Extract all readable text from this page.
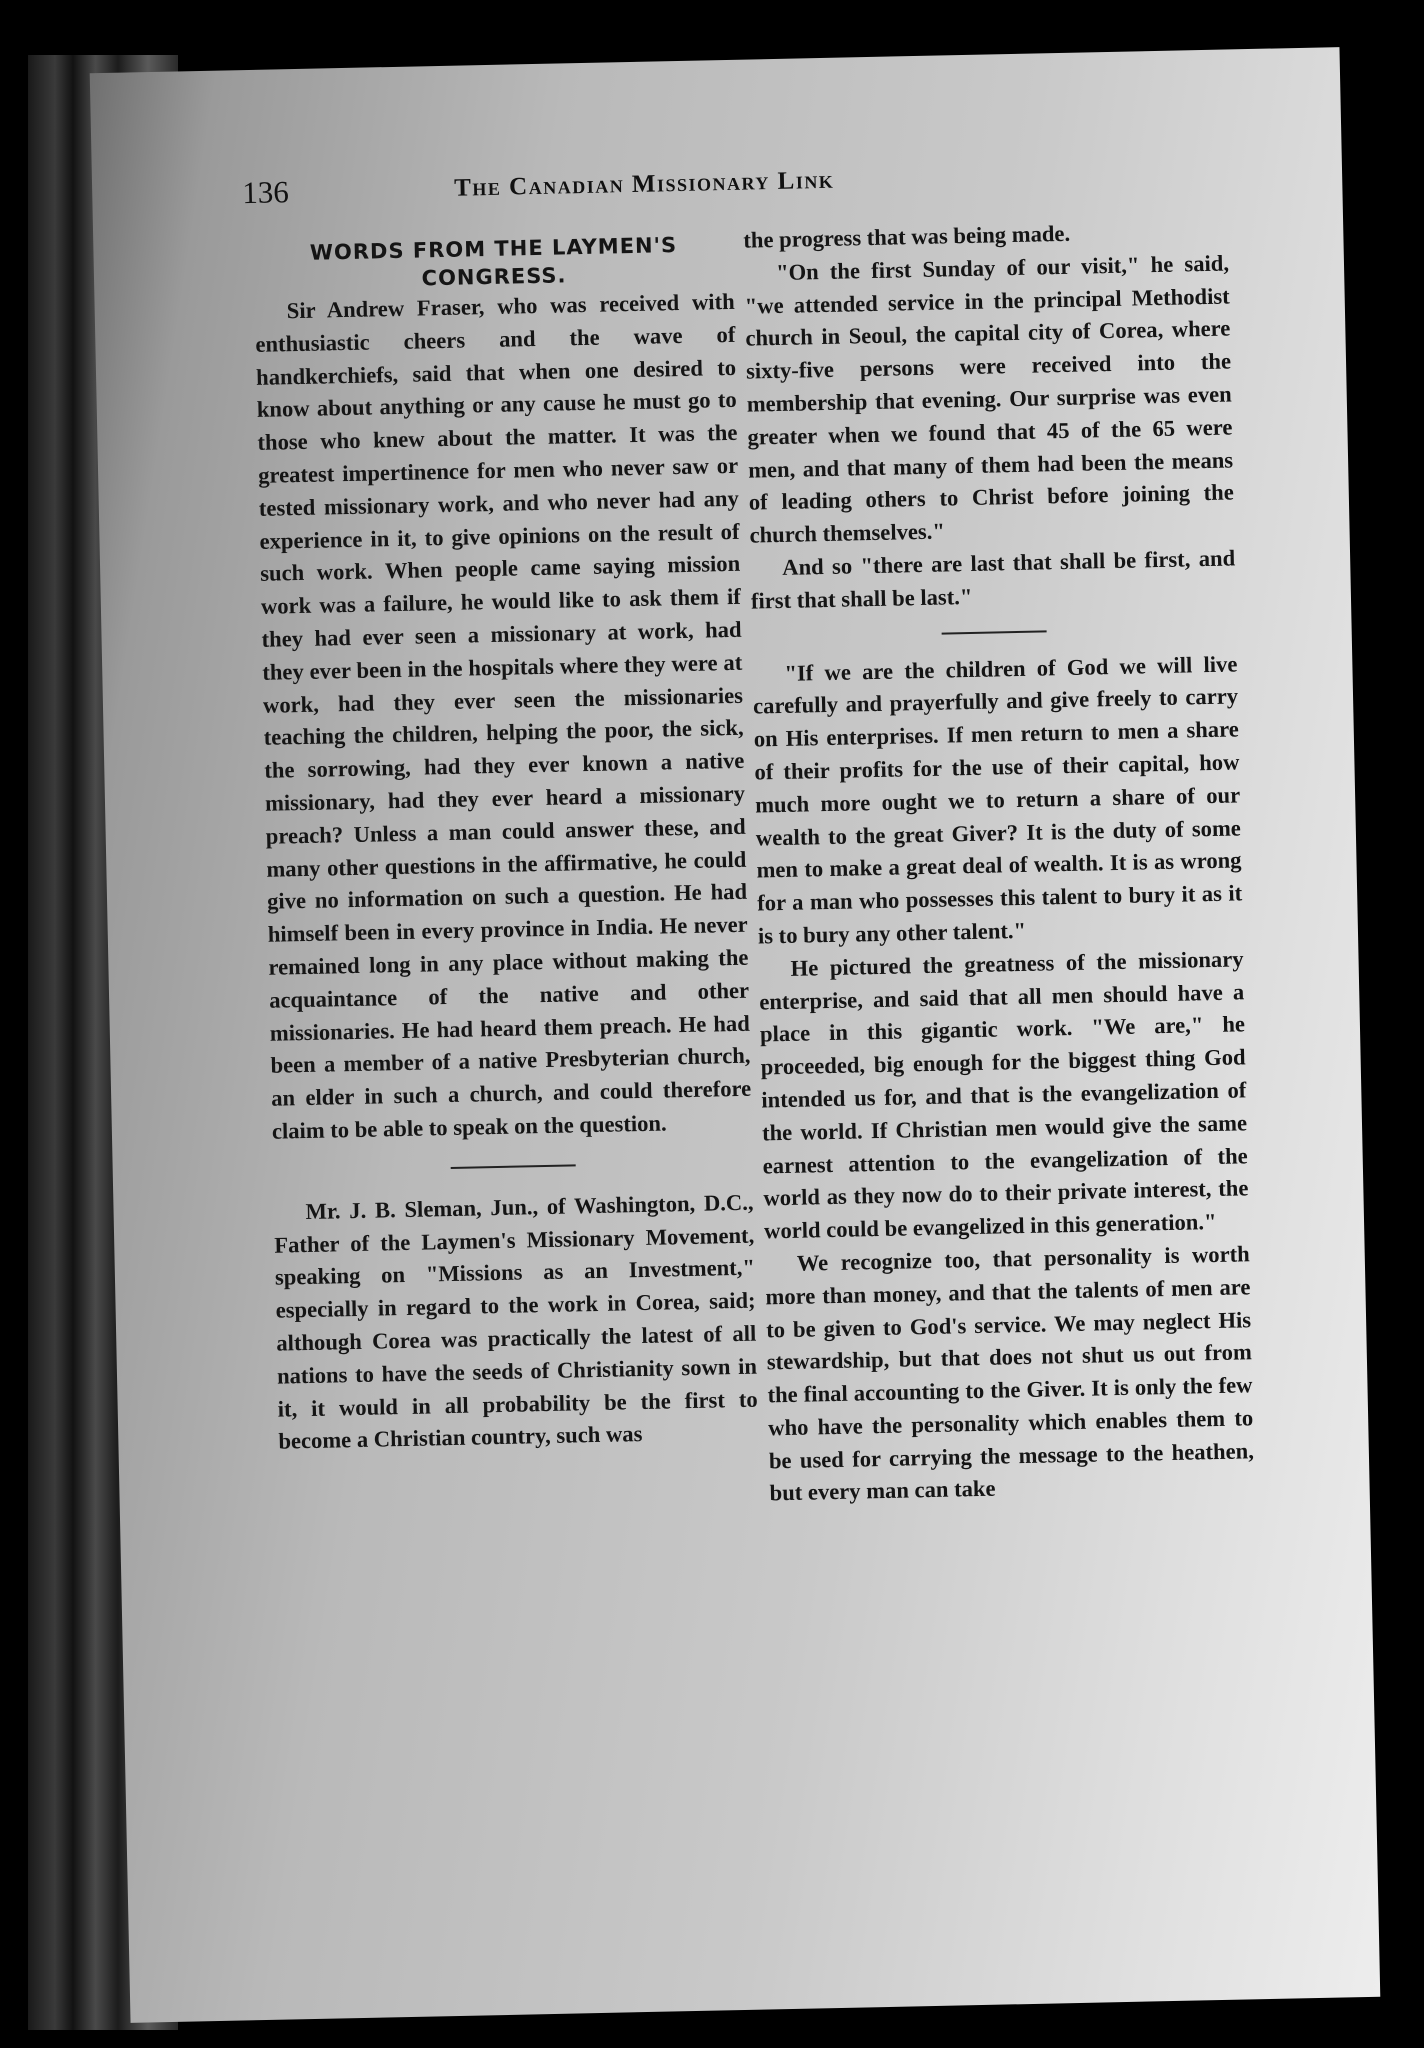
136	The Canadian Missionary Link

WORDS FROM THE LAYMEN'S CONGRESS.

Sir Andrew Fraser, who was received with enthusiastic cheers and the wave of handkerchiefs, said that when one desired to know about anything or any cause he must go to those who knew about the matter. It was the greatest impertinence for men who never saw or tested missionary work, and who never had any experience in it, to give opinions on the result of such work. When people came saying mission work was a failure, he would like to ask them if they had ever seen a missionary at work, had they ever been in the hospitals where they were at work, had they ever seen the missionaries teaching the children, helping the poor, the sick, the sorrowing, had they ever known a native missionary, had they ever heard a missionary preach? Unless a man could answer these, and many other questions in the affirmative, he could give no information on such a question. He had himself been in every province in India. He never remained long in any place without making the acquaintance of the native and other missionaries. He had heard them preach. He had been a member of a native Presbyterian church, an elder in such a church, and could therefore claim to be able to speak on the question.

Mr. J. B. Sleman, Jun., of Washington, D.C., Father of the Laymen's Missionary Movement, speaking on "Missions as an Investment," especially in regard to the work in Corea, said; although Corea was practically the latest of all nations to have the seeds of Christianity sown in it, it would in all probability be the first to become a Christian country, such was

the progress that was being made.

"On the first Sunday of our visit," he said, "we attended service in the principal Methodist church in Seoul, the capital city of Corea, where sixty-five persons were received into the membership that evening. Our surprise was even greater when we found that 45 of the 65 were men, and that many of them had been the means of leading others to Christ before joining the church themselves."

And so "there are last that shall be first, and first that shall be last."

"If we are the children of God we will live carefully and prayerfully and give freely to carry on His enterprises. If men return to men a share of their profits for the use of their capital, how much more ought we to return a share of our wealth to the great Giver? It is the duty of some men to make a great deal of wealth. It is as wrong for a man who possesses this talent to bury it as it is to bury any other talent."

He pictured the greatness of the missionary enterprise, and said that all men should have a place in this gigantic work. "We are," he proceeded, big enough for the biggest thing God intended us for, and that is the evangelization of the world. If Christian men would give the same earnest attention to the evangelization of the world as they now do to their private interest, the world could be evangelized in this generation."

We recognize too, that personality is worth more than money, and that the talents of men are to be given to God's service. We may neglect His stewardship, but that does not shut us out from the final accounting to the Giver. It is only the few who have the personality which enables them to be used for carrying the message to the heathen, but every man can take
